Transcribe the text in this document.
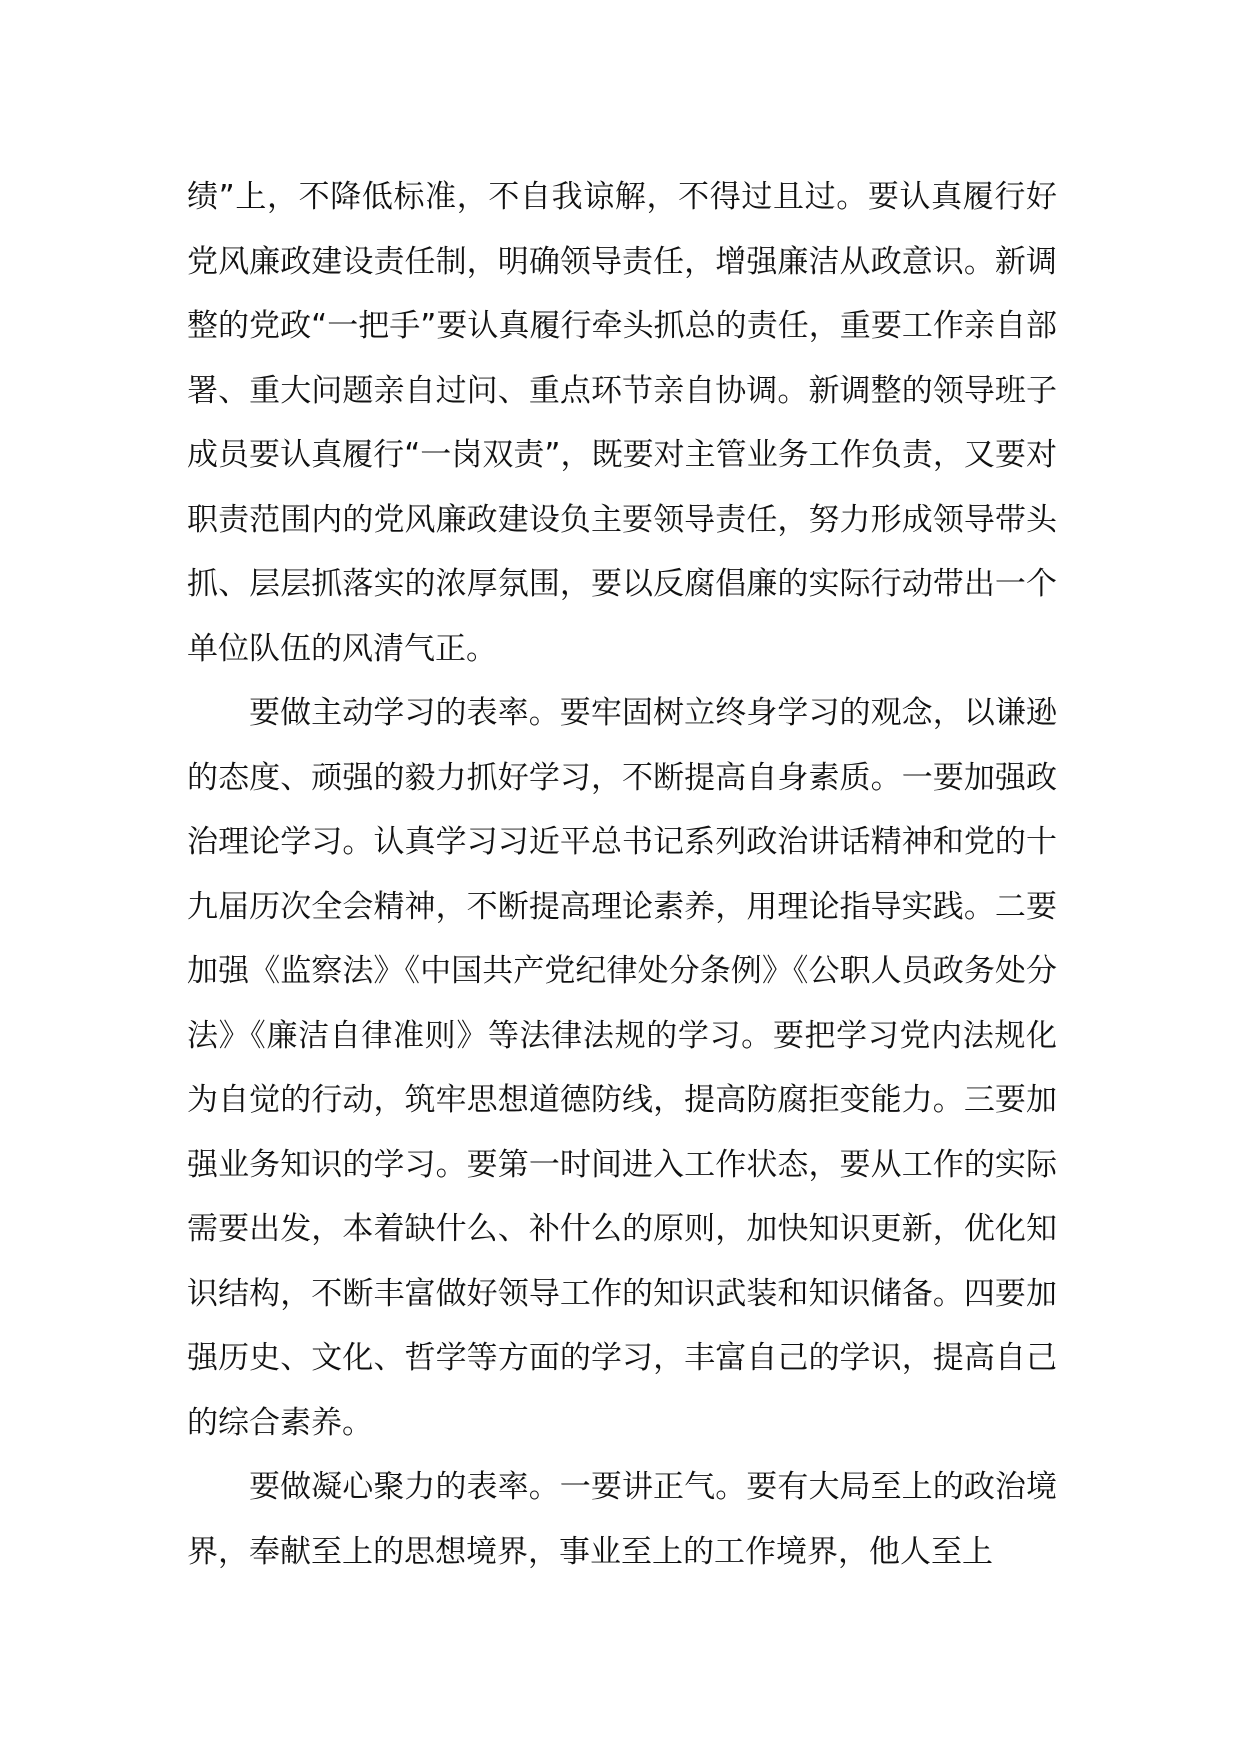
绩”上，不降低标准，不自我谅解，不得过且过。要认真履行好党风廉政建设责任制，明确领导责任，增强廉洁从政意识。新调整的党政“一把手”要认真履行牵头抓总的责任，重要工作亲自部署、重大问题亲自过问、重点环节亲自协调。新调整的领导班子成员要认真履行“一岗双责”，既要对主管业务工作负责，又要对职责范围内的党风廉政建设负主要领导责任，努力形成领导带头抓、层层抓落实的浓厚氛围，要以反腐倡廉的实际行动带出一个单位队伍的风清气正。

要做主动学习的表率。要牢固树立终身学习的观念，以谦逊的态度、顽强的毅力抓好学习，不断提高自身素质。一要加强政治理论学习。认真学习习近平总书记系列政治讲话精神和党的十九届历次全会精神，不断提高理论素养，用理论指导实践。二要加强《监察法》《中国共产党纪律处分条例》《公职人员政务处分法》《廉洁自律准则》等法律法规的学习。要把学习党内法规化为自觉的行动，筑牢思想道德防线，提高防腐拒变能力。三要加强业务知识的学习。要第一时间进入工作状态，要从工作的实际需要出发，本着缺什么、补什么的原则，加快知识更新，优化知识结构，不断丰富做好领导工作的知识武装和知识储备。四要加强历史、文化、哲学等方面的学习，丰富自己的学识，提高自己的综合素养。

要做凝心聚力的表率。一要讲正气。要有大局至上的政治境界，奉献至上的思想境界，事业至上的工作境界，他人至上
